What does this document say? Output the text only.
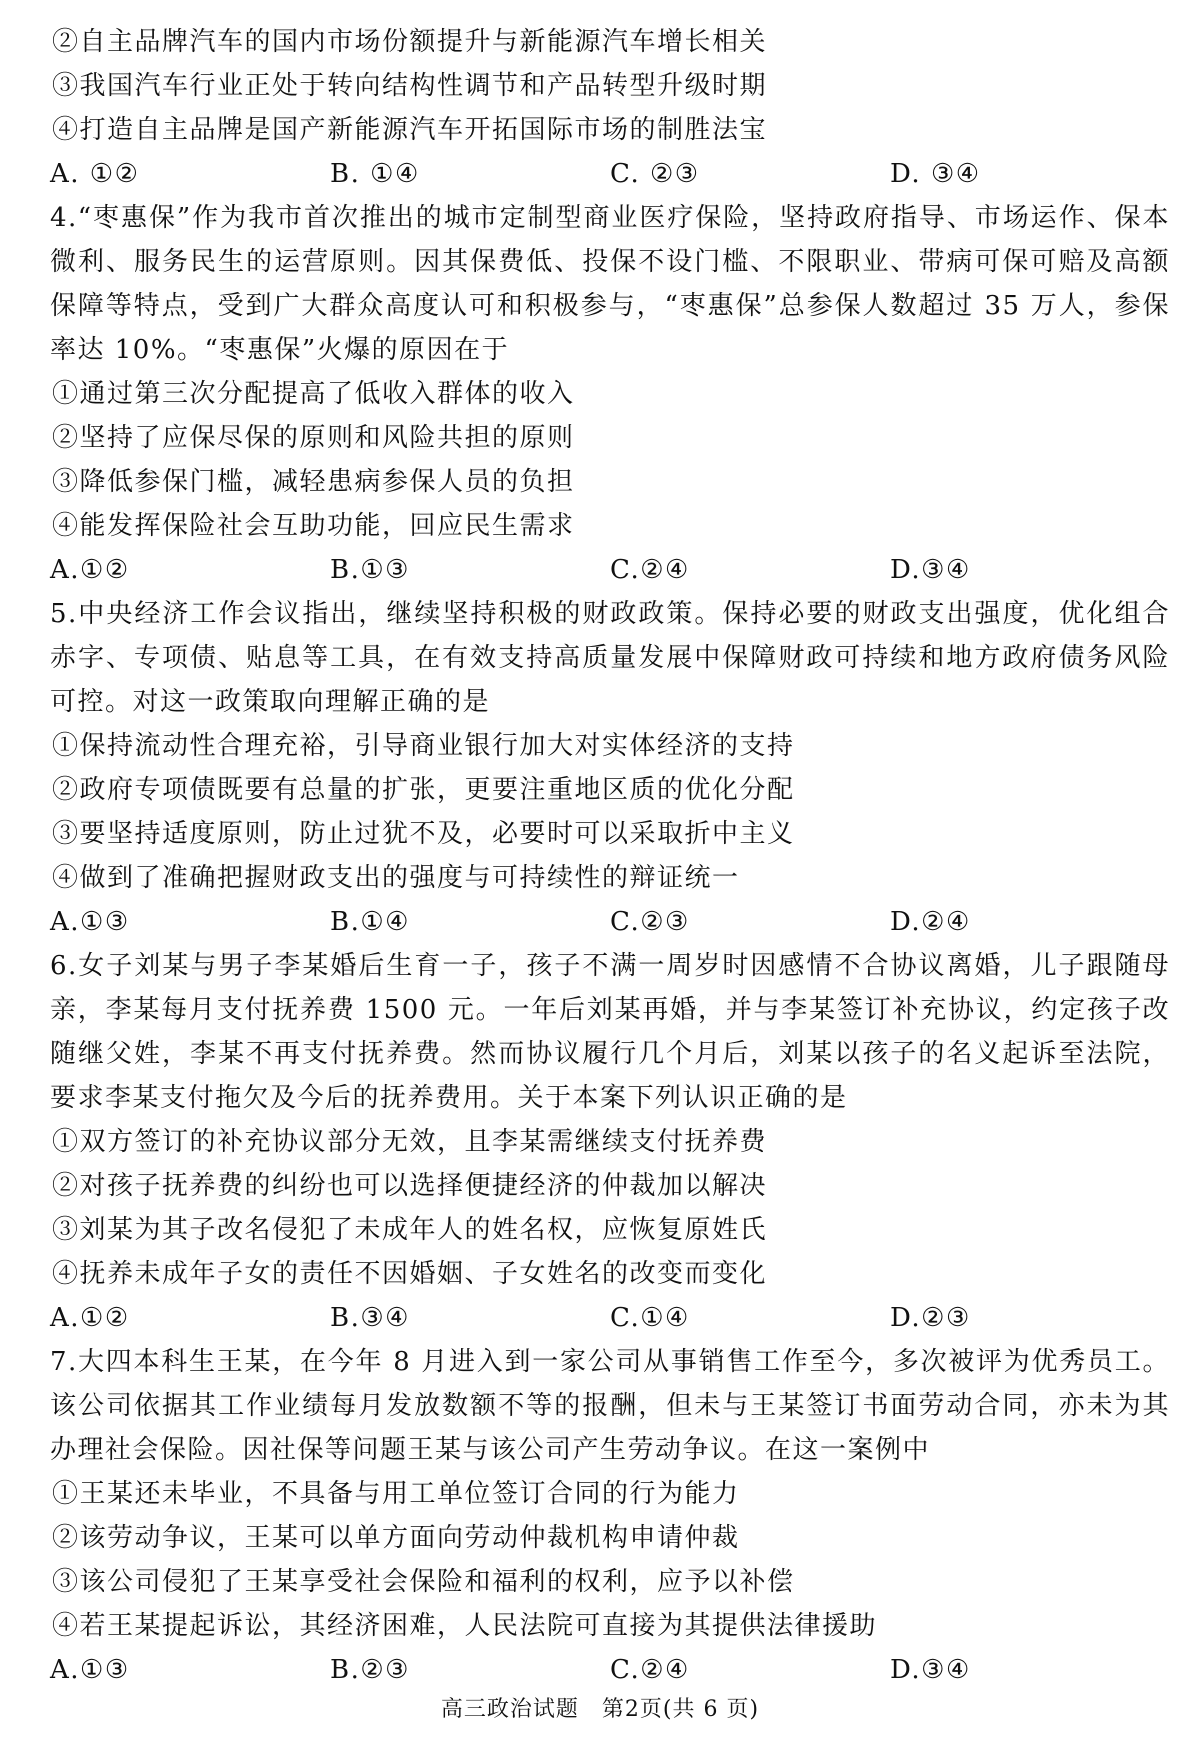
②自主品牌汽车的国内市场份额提升与新能源汽车增长相关

③我国汽车行业正处于转向结构性调节和产品转型升级时期

④打造自主品牌是国产新能源汽车开拓国际市场的制胜法宝

A. ①②	B. ①④	C. ②③	D. ③④

4.“枣惠保”作为我市首次推出的城市定制型商业医疗保险，坚持政府指导、市场运作、保本微利、服务民生的运营原则。因其保费低、投保不设门槛、不限职业、带病可保可赔及高额保障等特点，受到广大群众高度认可和积极参与，“枣惠保”总参保人数超过 35 万人，参保率达 10%。“枣惠保”火爆的原因在于

①通过第三次分配提高了低收入群体的收入

②坚持了应保尽保的原则和风险共担的原则

③降低参保门槛，减轻患病参保人员的负担

④能发挥保险社会互助功能，回应民生需求

A.①②	B.①③	C.②④	D.③④

5.中央经济工作会议指出，继续坚持积极的财政政策。保持必要的财政支出强度，优化组合赤字、专项债、贴息等工具，在有效支持高质量发展中保障财政可持续和地方政府债务风险可控。对这一政策取向理解正确的是

①保持流动性合理充裕，引导商业银行加大对实体经济的支持

②政府专项债既要有总量的扩张，更要注重地区质的优化分配

③要坚持适度原则，防止过犹不及，必要时可以采取折中主义

④做到了准确把握财政支出的强度与可持续性的辩证统一

A.①③	B.①④	C.②③	D.②④

6.女子刘某与男子李某婚后生育一子，孩子不满一周岁时因感情不合协议离婚，儿子跟随母亲，李某每月支付抚养费 1500 元。一年后刘某再婚，并与李某签订补充协议，约定孩子改随继父姓，李某不再支付抚养费。然而协议履行几个月后，刘某以孩子的名义起诉至法院，要求李某支付拖欠及今后的抚养费用。关于本案下列认识正确的是

①双方签订的补充协议部分无效，且李某需继续支付抚养费

②对孩子抚养费的纠纷也可以选择便捷经济的仲裁加以解决

③刘某为其子改名侵犯了未成年人的姓名权，应恢复原姓氏

④抚养未成年子女的责任不因婚姻、子女姓名的改变而变化

A.①②	B.③④	C.①④	D.②③

7.大四本科生王某，在今年 8 月进入到一家公司从事销售工作至今，多次被评为优秀员工。该公司依据其工作业绩每月发放数额不等的报酬，但未与王某签订书面劳动合同，亦未为其办理社会保险。因社保等问题王某与该公司产生劳动争议。在这一案例中

①王某还未毕业，不具备与用工单位签订合同的行为能力

②该劳动争议，王某可以单方面向劳动仲裁机构申请仲裁

③该公司侵犯了王某享受社会保险和福利的权利，应予以补偿

④若王某提起诉讼，其经济困难，人民法院可直接为其提供法律援助

A.①③	B.②③	C.②④	D.③④
高三政治试题　第2页(共 6 页)
